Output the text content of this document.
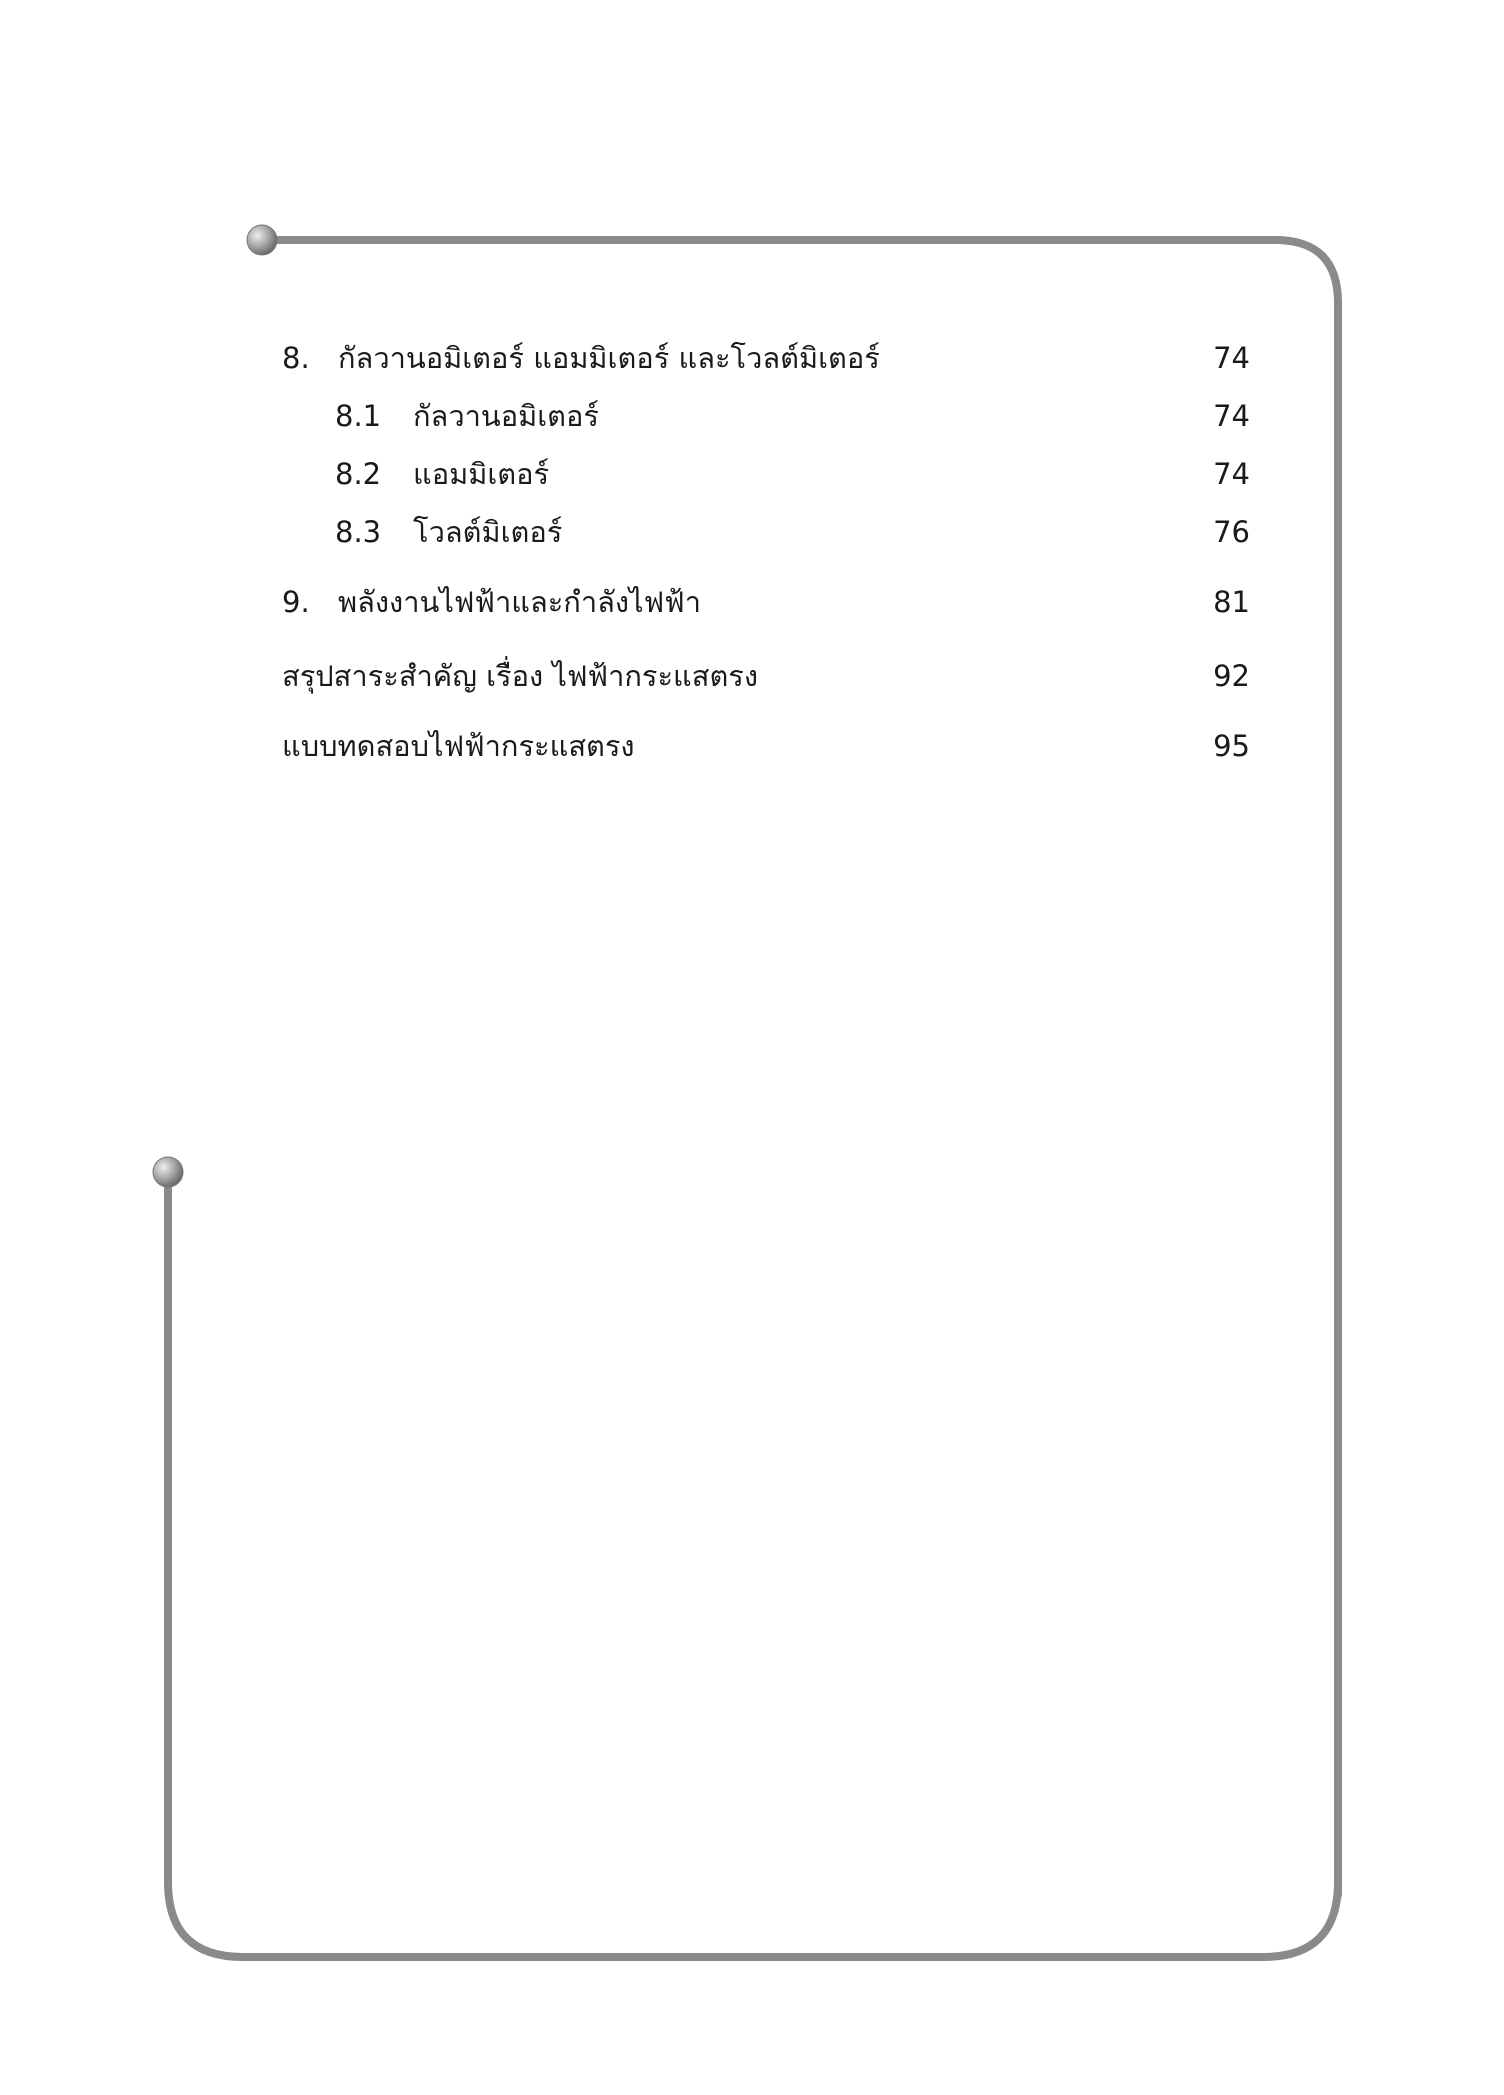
8. กัลวานอมิเตอร์ แอมมิเตอร์ และโวลต์มิเตอร์	74
8.1 กัลวานอมิเตอร์	74
8.2 แอมมิเตอร์	74
8.3 โวลต์มิเตอร์	76
9. พลังงานไฟฟ้าและกำลังไฟฟ้า	81
สรุปสาระสำคัญ เรื่อง ไฟฟ้ากระแสตรง	92
แบบทดสอบไฟฟ้ากระแสตรง	95
